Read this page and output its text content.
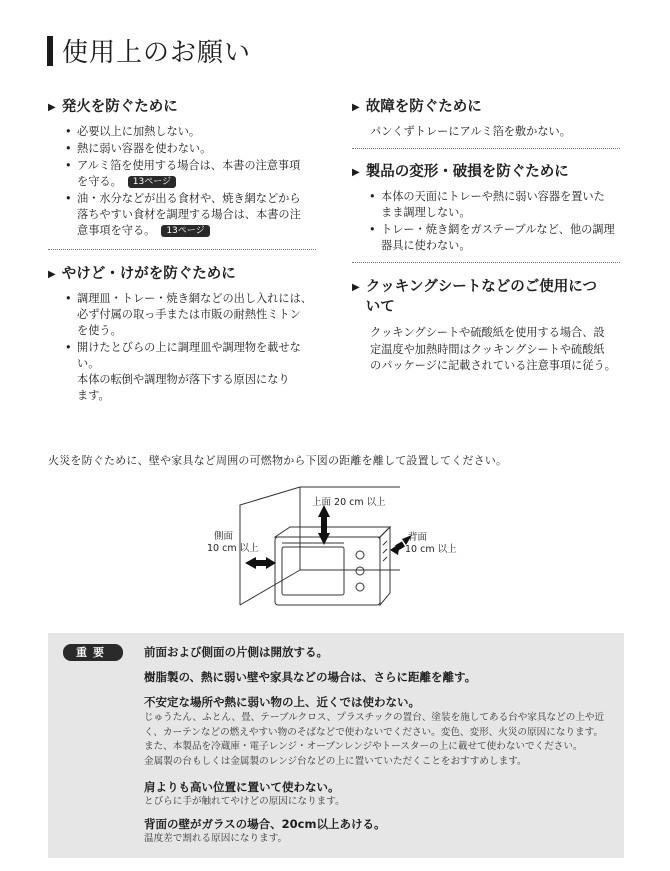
使用上のお願い
▶ 発火を防ぐために
• 必要以上に加熱しない。
• 熱に弱い容器を使わない。
• アルミ箔を使用する場合は、本書の注意事項
を守る。 13ページ
• 油・水分などが出る食材や、焼き網などから
落ちやすい食材を調理する場合は、本書の注
意事項を守る。 13ページ
▶ やけど・けがを防ぐために
• 調理皿・トレー・焼き網などの出し入れには、
必ず付属の取っ手または市販の耐熱性ミトン
を使う。
• 開けたとびらの上に調理皿や調理物を載せない。
本体の転倒や調理物が落下する原因になり
ます。
▶ 故障を防ぐために
パンくずトレーにアルミ箔を敷かない。
▶ 製品の変形・破損を防ぐために
• 本体の天面にトレーや熱に弱い容器を置いた
まま調理しない。
• トレー・焼き網をガステーブルなど、他の調理
器具に使わない。
▶ クッキングシートなどのご使用につ
いて
クッキングシートや硫酸紙を使用する場合、設
定温度や加熱時間はクッキングシートや硫酸紙
のパッケージに記載されている注意事項に従う。
火災を防ぐために、壁や家具など周囲の可燃物から下図の距離を離して設置してください。
上面 20 cm 以上
側面
10 cm 以上
背面
10 cm 以上
重要	前面および側面の片側は開放する。
樹脂製の、熱に弱い壁や家具などの場合は、さらに距離を離す。
不安定な場所や熱に弱い物の上、近くでは使わない。
じゅうたん、ふとん、畳、テーブルクロス、プラスチックの置台、塗装を施してある台や家具などの上や近
く、カーテンなどの燃えやすい物のそばなどで使わないでください。変色、変形、火災の原因になります。
また、本製品を冷蔵庫・電子レンジ・オーブンレンジやトースターの上に載せて使わないでください。
金属製の台もしくは金属製のレンジ台などの上に置いていただくことをおすすめします。
肩よりも高い位置に置いて使わない。
とびらに手が触れてやけどの原因になります。
背面の壁がガラスの場合、20cm以上あける。
温度差で割れる原因になります。
